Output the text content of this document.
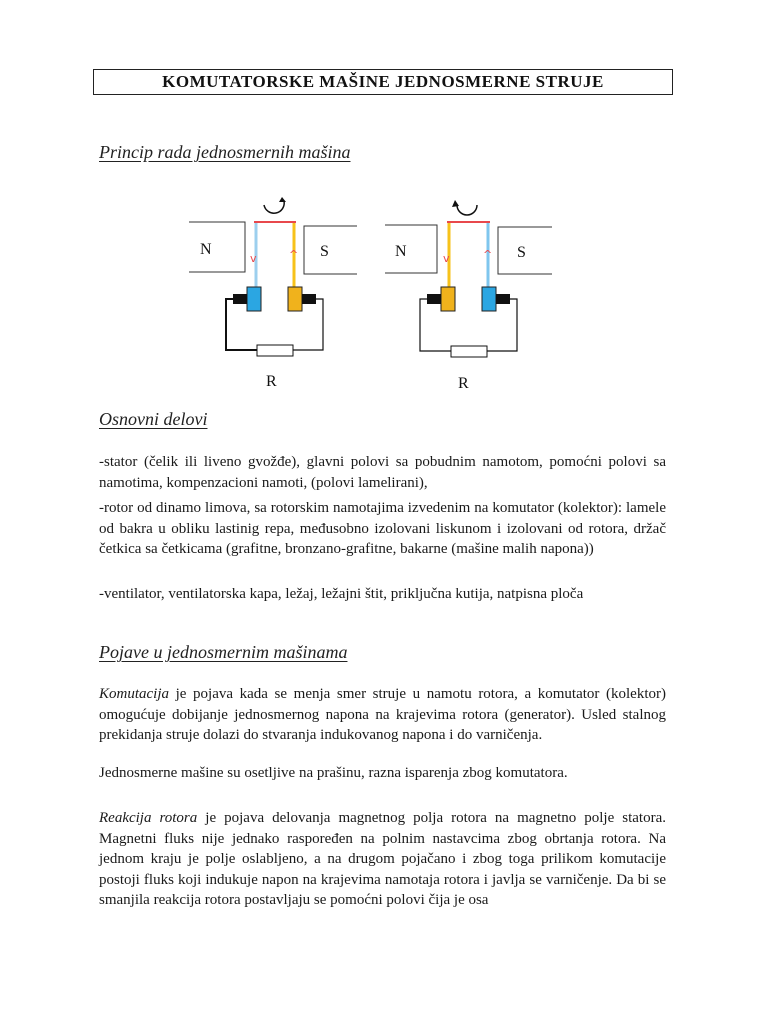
KOMUTATORSKE MAŠINE JEDNOSMERNE STRUJE
Princip rada jednosmernih mašina
N	S
v	^
R
N	S
v	^
R
Osnovni delovi
-stator (čelik ili liveno gvožđe), glavni polovi sa pobudnim namotom, pomoćni polovi sa namotima, kompenzacioni namoti, (polovi lamelirani),
-rotor od dinamo limova, sa rotorskim namotajima izvedenim na komutator (kolektor): lamele od bakra u obliku lastinig repa, međusobno izolovani liskunom i izolovani od rotora, držač četkica sa četkicama (grafitne, bronzano-grafitne, bakarne (mašine malih napona))
-ventilator, ventilatorska kapa, ležaj, ležajni štit, priključna kutija, natpisna ploča
Pojave u jednosmernim mašinama
Komutacija je pojava kada se menja smer struje u namotu rotora, a komutator (kolektor) omogućuje dobijanje jednosmernog napona na krajevima rotora (generator). Usled stalnog prekidanja struje dolazi do stvaranja indukovanog napona i do varničenja.
Jednosmerne mašine su osetljive na prašinu, razna isparenja zbog komutatora.
Reakcija rotora je pojava delovanja magnetnog polja rotora na magnetno polje statora. Magnetni fluks nije jednako raspoređen na polnim nastavcima zbog obrtanja rotora. Na jednom kraju je polje oslabljeno, a na drugom pojačano i zbog toga prilikom komutacije postoji fluks koji indukuje napon na krajevima namotaja rotora i javlja se varničenje. Da bi se smanjila reakcija rotora postavljaju se pomoćni polovi čija je osa
